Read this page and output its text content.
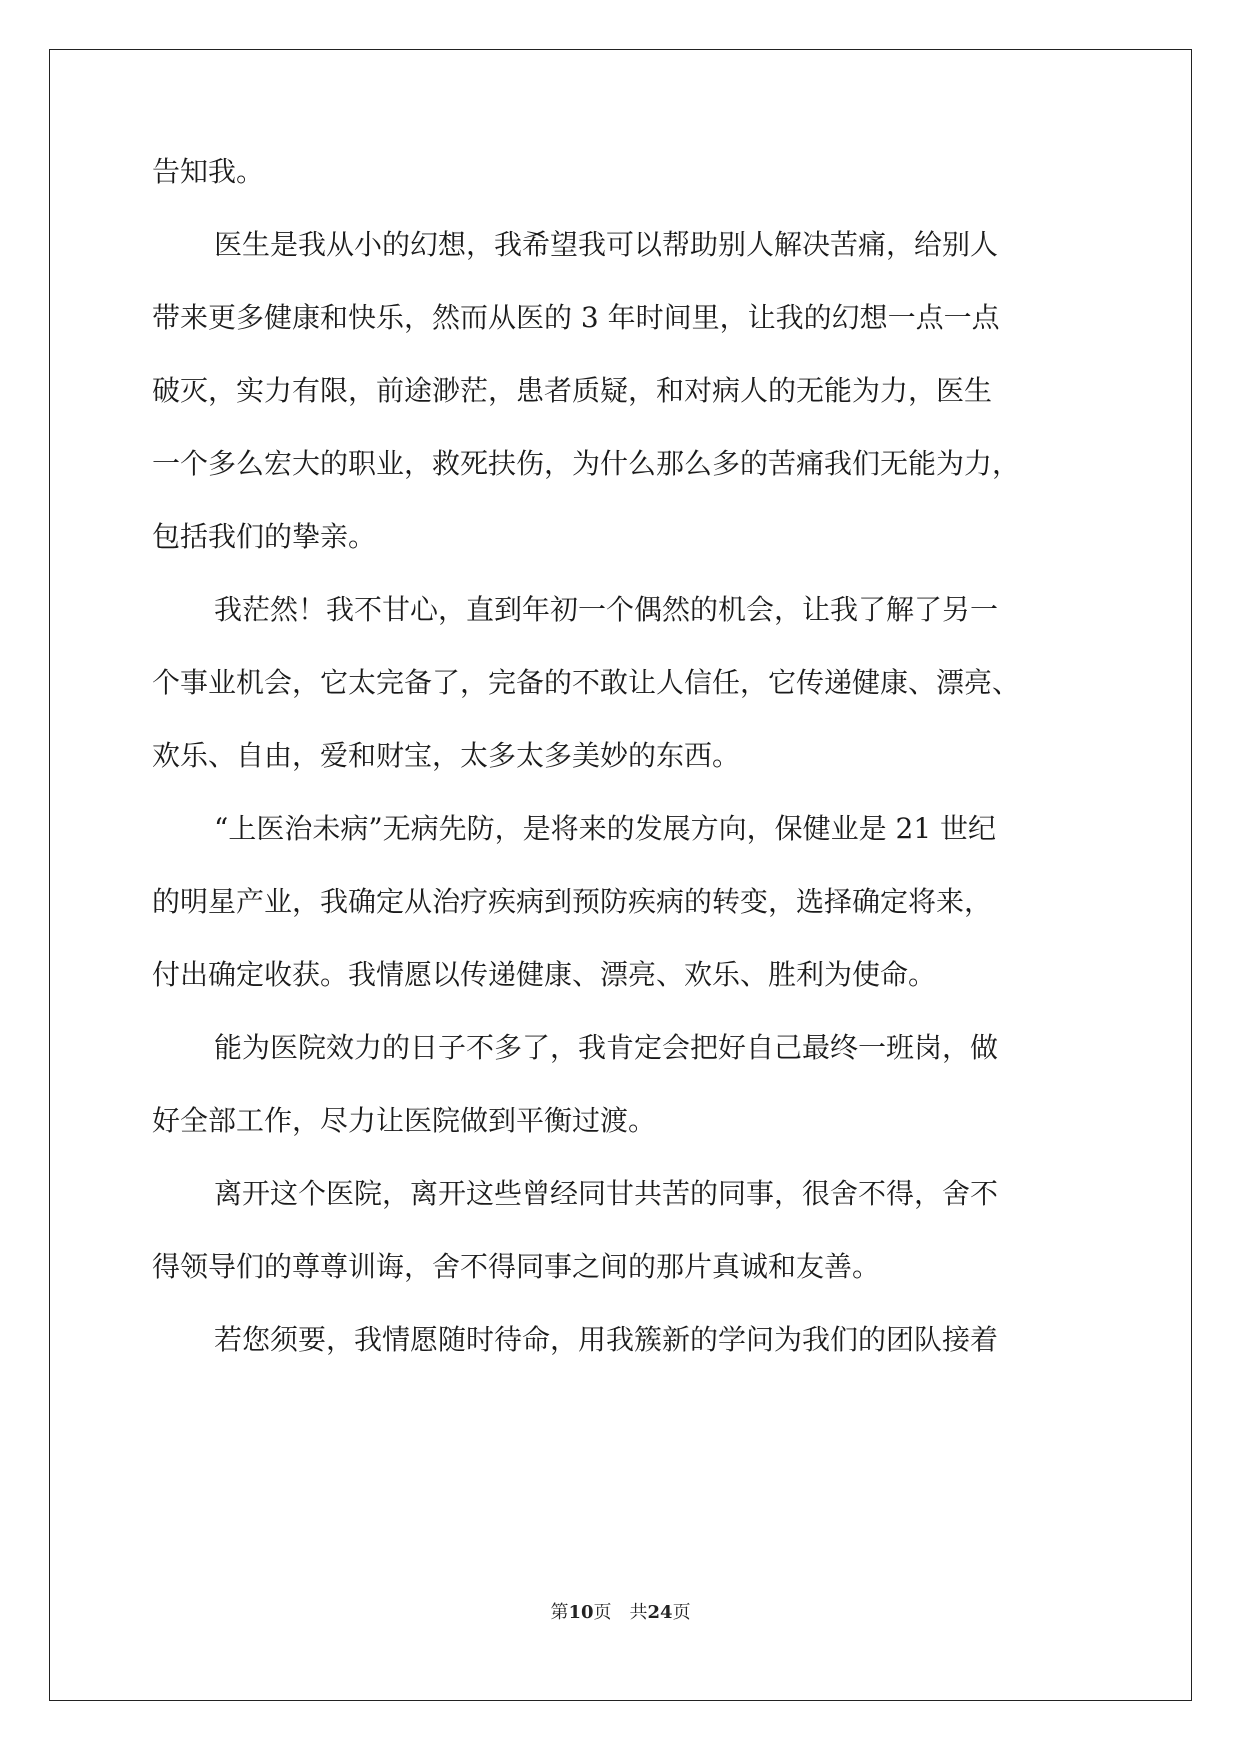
告知我。
医生是我从小的幻想，我希望我可以帮助别人解决苦痛，给别人
带来更多健康和快乐，然而从医的 3 年时间里，让我的幻想一点一点
破灭，实力有限，前途渺茫，患者质疑，和对病人的无能为力，医生
一个多么宏大的职业，救死扶伤，为什么那么多的苦痛我们无能为力，
包括我们的挚亲。
我茫然！我不甘心，直到年初一个偶然的机会，让我了解了另一
个事业机会，它太完备了，完备的不敢让人信任，它传递健康、漂亮、
欢乐、自由，爱和财宝，太多太多美妙的东西。
“上医治未病”无病先防，是将来的发展方向，保健业是 21 世纪
的明星产业，我确定从治疗疾病到预防疾病的转变，选择确定将来，
付出确定收获。我情愿以传递健康、漂亮、欢乐、胜利为使命。
能为医院效力的日子不多了，我肯定会把好自己最终一班岗，做
好全部工作，尽力让医院做到平衡过渡。
离开这个医院，离开这些曾经同甘共苦的同事，很舍不得，舍不
得领导们的尊尊训诲，舍不得同事之间的那片真诚和友善。
若您须要，我情愿随时待命，用我簇新的学问为我们的团队接着
第10页　共24页
